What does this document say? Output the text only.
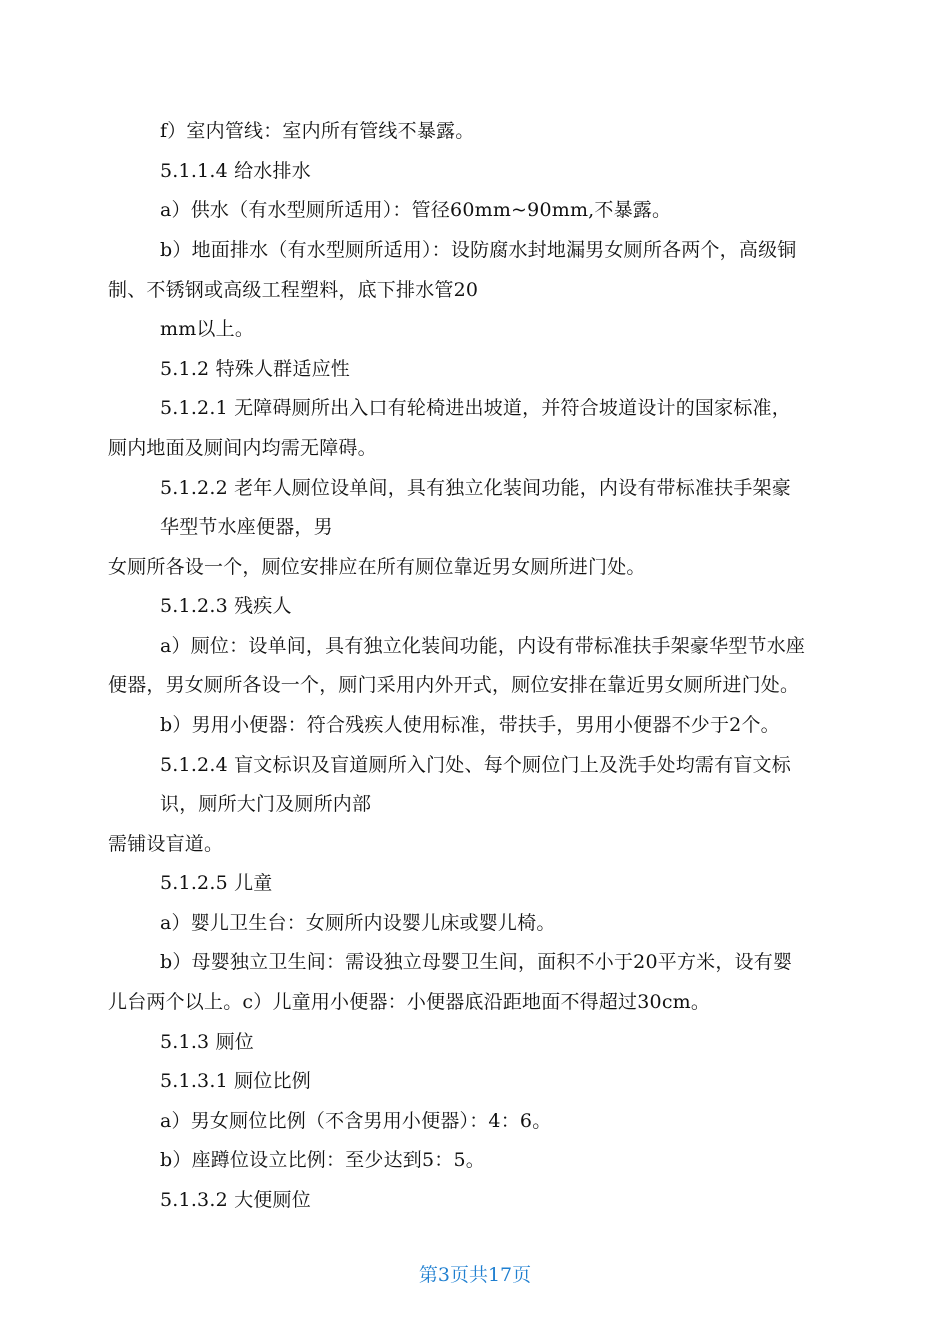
f）室内管线：室内所有管线不暴露。
5.1.1.4 给水排水
a）供水（有水型厕所适用）：管径60mm~90mm,不暴露。
b）地面排水（有水型厕所适用）：设防腐水封地漏男女厕所各两个，高级铜
制、不锈钢或高级工程塑料，底下排水管20
mm以上。
5.1.2 特殊人群适应性
5.1.2.1 无障碍厕所出入口有轮椅进出坡道，并符合坡道设计的国家标准，
厕内地面及厕间内均需无障碍。
5.1.2.2 老年人厕位设单间，具有独立化装间功能，内设有带标准扶手架豪
华型节水座便器，男
女厕所各设一个，厕位安排应在所有厕位靠近男女厕所进门处。
5.1.2.3 残疾人
a）厕位：设单间，具有独立化装间功能，内设有带标准扶手架豪华型节水座
便器，男女厕所各设一个，厕门采用内外开式，厕位安排在靠近男女厕所进门处。
b）男用小便器：符合残疾人使用标准，带扶手，男用小便器不少于2个。
5.1.2.4 盲文标识及盲道厕所入门处、每个厕位门上及洗手处均需有盲文标
识，厕所大门及厕所内部
需铺设盲道。
5.1.2.5 儿童
a）婴儿卫生台：女厕所内设婴儿床或婴儿椅。
b）母婴独立卫生间：需设独立母婴卫生间，面积不小于20平方米，设有婴
儿台两个以上。c）儿童用小便器：小便器底沿距地面不得超过30cm。
5.1.3 厕位
5.1.3.1 厕位比例
a）男女厕位比例（不含男用小便器）：4：6。
b）座蹲位设立比例：至少达到5：5。
5.1.3.2 大便厕位
第3页共17页
